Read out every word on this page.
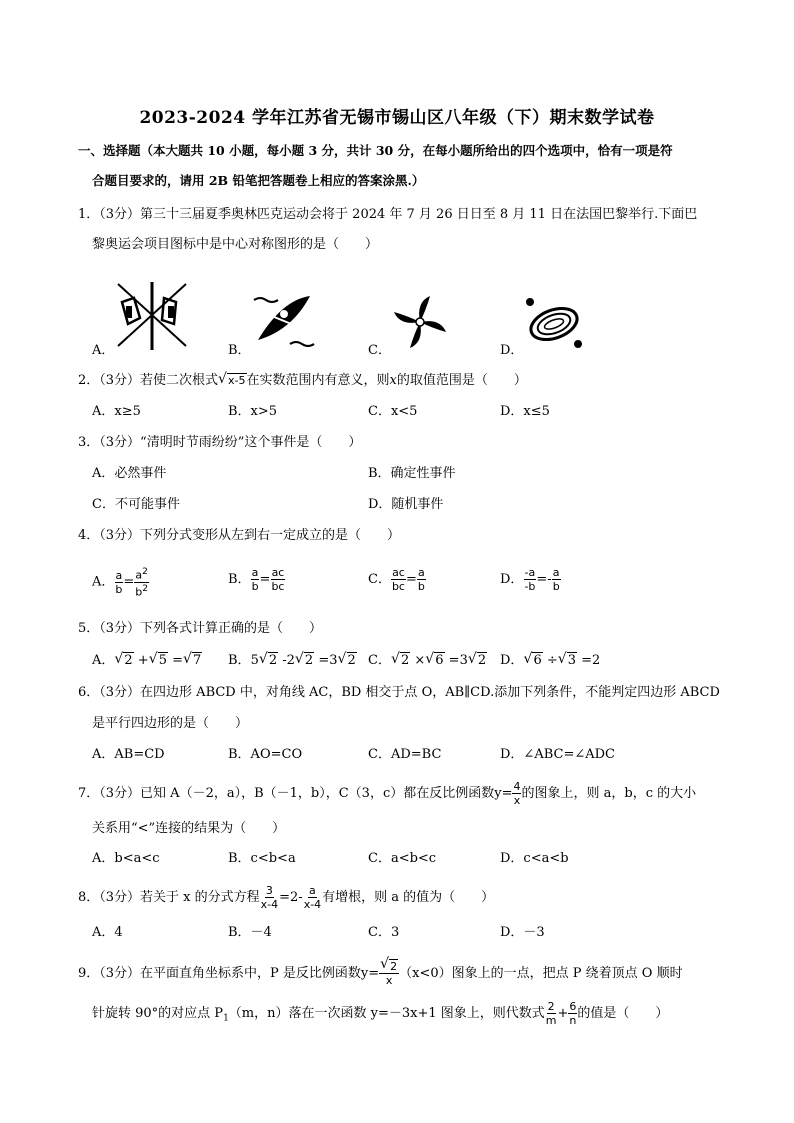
2023-2024 学年江苏省无锡市锡山区八年级（下）期末数学试卷
一、选择题（本大题共 10 小题，每小题 3 分，共计 30 分，在每小题所给出的四个选项中，恰有一项是符
合题目要求的，请用 2B 铅笔把答题卷上相应的答案涂黑.）
1．（3分）第三十三届夏季奥林匹克运动会将于 2024 年 7 月 26 日日至 8 月 11 日在法国巴黎举行.下面巴
黎奥运会项目图标中是中心对称图形的是（　　）
A．	B．	C．	D．
2．（3分）若使二次根式 √ x-5在实数范围内有意义，则x的取值范围是（　　）
A．x≥5	B．x>5	C．x<5	D．x≤5
3．（3分）“清明时节雨纷纷”这个事件是（　　）
A．必然事件	B．确定性事件
C．不可能事件	D．随机事件
4．（3分）下列分式变形从左到右一定成立的是（　　）
A． $\frac{a}{b} = \frac{a^2}{b^2}$	B． $\frac{a}{b} = \frac{ac}{bc}$	C． $\frac{ac}{bc} = \frac{a}{b}$	D． $\frac{-a}{-b} =- \frac{a}{b}$
5．（3分）下列各式计算正确的是（　　）
A． √ 2 + √ 5 = √ 7 B．5 √ 2 -2 √ 2 =3 √ 2 C． √ 2 × √ 6 =3 √ 2 D． √ 6 ÷ √ 3 =2
6．（3分）在四边形 ABCD 中，对角线 AC，BD 相交于点 O，AB∥CD.添加下列条件，不能判定四边形 ABCD
是平行四边形的是（　　）
A．AB=CD	B．AO=CO	C．AD=BC	D．∠ABC=∠ADC
7．（3分）已知 A（－2，a），B（－1，b），C（3，c）都在反比例函数$y= \frac{4}{x}$ 的图象上，则 a，b，c 的大小
关系用“<”连接的结果为（　　）
A．b<a<c	B．c<b<a	C．a<b<c	D．c<a<b
8．（3分）若关于 x 的分式方程 $\frac{3}{x-4} =2- \frac{a}{x-4}$ 有增根，则 a 的值为（　　）
A．4	B．－4	C．3	D．－3
9．（3分）在平面直角坐标系中，P 是反比例函数y= √ $\frac{2}{x} (x<0)$图象上的一点，把点 P 绕着顶点 O 顺时
针旋转 90°的对应点 $P_1(m$，n）落在一次函数 y=－3x+1 图象上，则代数式 $\frac{2}{m} + \frac{6}{n}$ 的值是（　　）
